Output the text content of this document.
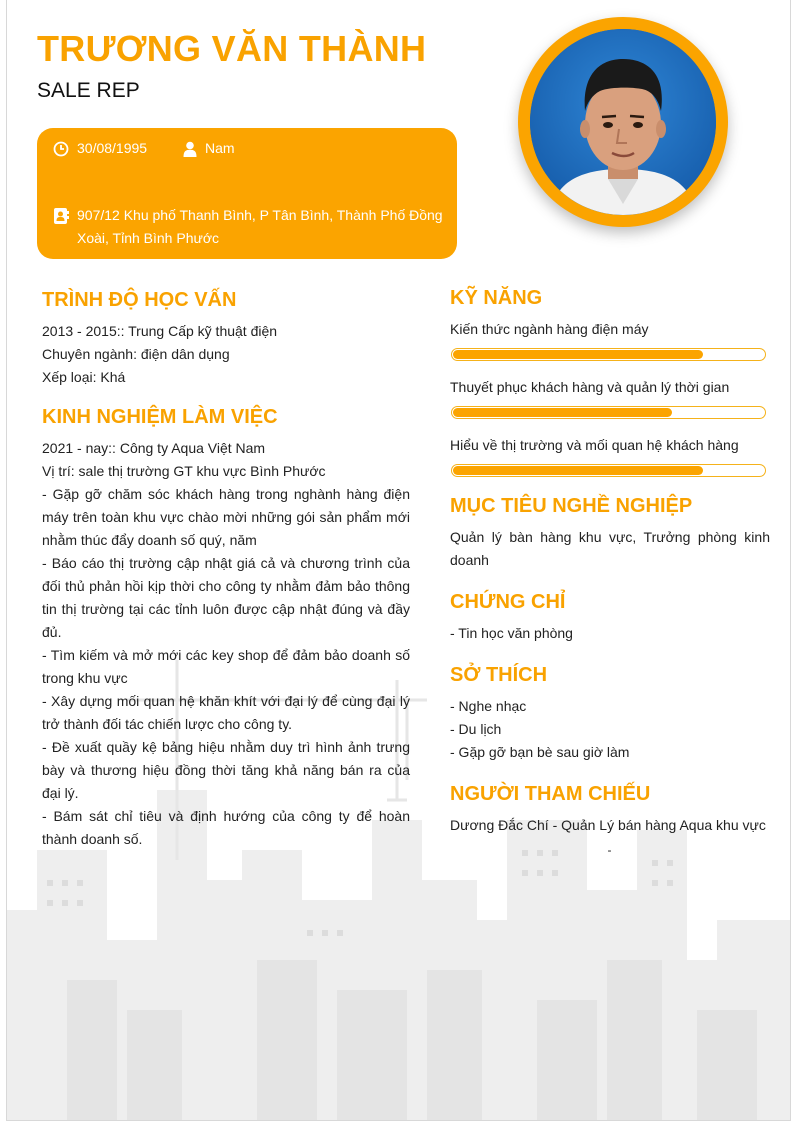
TRƯƠNG VĂN THÀNH
SALE REP
30/08/1995	Nam
907/12 Khu phố Thanh Bình, P Tân Bình, Thành Phố Đồng Xoài, Tỉnh Bình Phước
TRÌNH ĐỘ HỌC VẤN

2013 - 2015:: Trung Cấp kỹ thuật điện

Chuyên ngành: điện dân dụng

Xếp loại: Khá

KINH NGHIỆM LÀM VIỆC

2021 - nay:: Công ty Aqua Việt Nam

Vị trí: sale thị trường GT khu vực Bình Phước

- Gặp gỡ chăm sóc khách hàng trong nghành hàng điện máy trên toàn khu vực chào mời những gói sản phẩm mới nhằm thúc đẩy doanh số quý, năm

- Báo cáo thị trường cập nhật giá cả và chương trình của đối thủ phản hồi kịp thời cho công ty nhằm đảm bảo thông tin thị trường tại các tỉnh luôn được cập nhật đúng và đầy đủ.

- Tìm kiếm và mở mới các key shop để đảm bảo doanh số trong khu vực

- Xây dựng mối quan hệ khăn khít với đại lý để cùng đại lý trở thành đối tác chiến lược cho công ty.

- Đề xuất quầy kệ bảng hiệu nhằm duy trì hình ảnh trưng bày và thương hiệu đồng thời tăng khả năng bán ra của đại lý.

- Bám sát chỉ tiêu và định hướng của công ty để hoàn thành doanh số.

KỸ NĂNG

Kiến thức ngành hàng điện máy

Thuyết phục khách hàng và quản lý thời gian

Hiểu về thị trường và mối quan hệ khách hàng

MỤC TIÊU NGHỀ NGHIỆP

Quản lý bàn hàng khu vực, Trưởng phòng kinh doanh

CHỨNG CHỈ

- Tin học văn phòng

SỞ THÍCH

- Nghe nhạc

- Du lịch

- Gặp gỡ bạn bè sau giờ làm

NGƯỜI THAM CHIẾU

Dương Đắc Chí - Quản Lý bán hàng Aqua khu vực

-
